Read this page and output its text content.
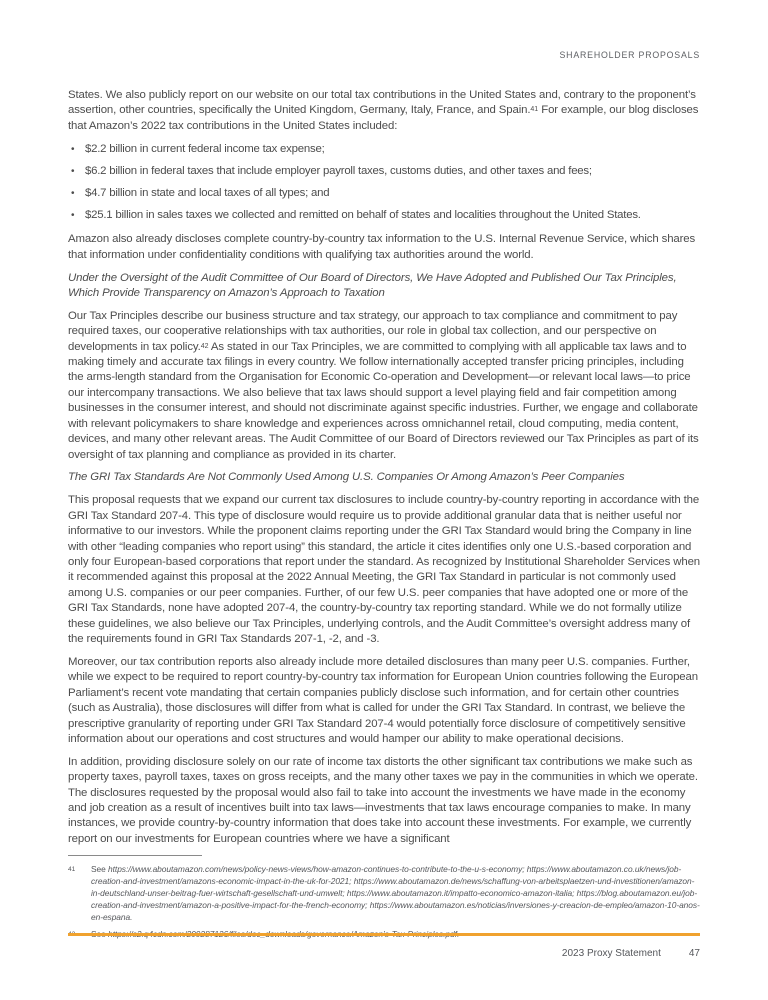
SHAREHOLDER PROPOSALS

States. We also publicly report on our website on our total tax contributions in the United States and, contrary to the proponent’s assertion, other countries, specifically the United Kingdom, Germany, Italy, France, and Spain.$^{41}$ For example, our blog discloses that Amazon’s 2022 tax contributions in the United States included:

• $2.2 billion in current federal income tax expense;
• $6.2 billion in federal taxes that include employer payroll taxes, customs duties, and other taxes and fees;
• $4.7 billion in state and local taxes of all types; and
• $25.1 billion in sales taxes we collected and remitted on behalf of states and localities throughout the United States.

Amazon also already discloses complete country-by-country tax information to the U.S. Internal Revenue Service, which shares that information under confidentiality conditions with qualifying tax authorities around the world.

Under the Oversight of the Audit Committee of Our Board of Directors, We Have Adopted and Published Our Tax Principles, Which Provide Transparency on Amazon’s Approach to Taxation

Our Tax Principles describe our business structure and tax strategy, our approach to tax compliance and commitment to pay required taxes, our cooperative relationships with tax authorities, our role in global tax collection, and our perspective on developments in tax policy.$^{42}$ As stated in our Tax Principles, we are committed to complying with all applicable tax laws and to making timely and accurate tax filings in every country. We follow internationally accepted transfer pricing principles, including the arms-length standard from the Organisation for Economic Co-operation and Development—or relevant local laws—to price our intercompany transactions. We also believe that tax laws should support a level playing field and fair competition among businesses in the consumer interest, and should not discriminate against specific industries. Further, we engage and collaborate with relevant policymakers to share knowledge and experiences across omnichannel retail, cloud computing, media content, devices, and many other relevant areas. The Audit Committee of our Board of Directors reviewed our Tax Principles as part of its oversight of tax planning and compliance as provided in its charter.

The GRI Tax Standards Are Not Commonly Used Among U.S. Companies Or Among Amazon’s Peer Companies

This proposal requests that we expand our current tax disclosures to include country-by-country reporting in accordance with the GRI Tax Standard 207-4. This type of disclosure would require us to provide additional granular data that is neither useful nor informative to our investors. While the proponent claims reporting under the GRI Tax Standard would bring the Company in line with other “leading companies who report using” this standard, the article it cites identifies only one U.S.-based corporation and only four European-based corporations that report under the standard. As recognized by Institutional Shareholder Services when it recommended against this proposal at the 2022 Annual Meeting, the GRI Tax Standard in particular is not commonly used among U.S. companies or our peer companies. Further, of our few U.S. peer companies that have adopted one or more of the GRI Tax Standards, none have adopted 207-4, the country-by-country tax reporting standard. While we do not formally utilize these guidelines, we also believe our Tax Principles, underlying controls, and the Audit Committee’s oversight address many of the requirements found in GRI Tax Standards 207-1, -2, and -3.

Moreover, our tax contribution reports also already include more detailed disclosures than many peer U.S. companies. Further, while we expect to be required to report country-by-country tax information for European Union countries following the European Parliament’s recent vote mandating that certain companies publicly disclose such information, and for certain other countries (such as Australia), those disclosures will differ from what is called for under the GRI Tax Standard. In contrast, we believe the prescriptive granularity of reporting under GRI Tax Standard 207-4 would potentially force disclosure of competitively sensitive information about our operations and cost structures and would hamper our ability to make operational decisions.

In addition, providing disclosure solely on our rate of income tax distorts the other significant tax contributions we make such as property taxes, payroll taxes, taxes on gross receipts, and the many other taxes we pay in the communities in which we operate. The disclosures requested by the proposal would also fail to take into account the investments we have made in the economy and job creation as a result of incentives built into tax laws—investments that tax laws encourage companies to make. In many instances, we provide country-by-country information that does take into account these investments. For example, we currently report on our investments for European countries where we have a significant

41	See https://www.aboutamazon.com/news/policy-news-views/how-amazon-continues-to-contribute-to-the-u-s-economy; https://www.aboutamazon.co.uk/news/job-creation-and-investment/amazons-economic-impact-in-the-uk-for-2021; https://www.aboutamazon.de/news/schaffung-von-arbeitsplaetzen-und-investitionen/amazon-in-deutschland-unser-beitrag-fuer-wirtschaft-gesellschaft-und-umwelt; https://www.aboutamazon.it/impatto-economico-amazon-italia; https://blog.aboutamazon.eu/job-creation-and-investment/amazon-a-positive-impact-for-the-french-economy; https://www.aboutamazon.es/noticias/inversiones-y-creacion-de-empleo/amazon-10-anos-en-espana.
2023 Proxy Statement	47
